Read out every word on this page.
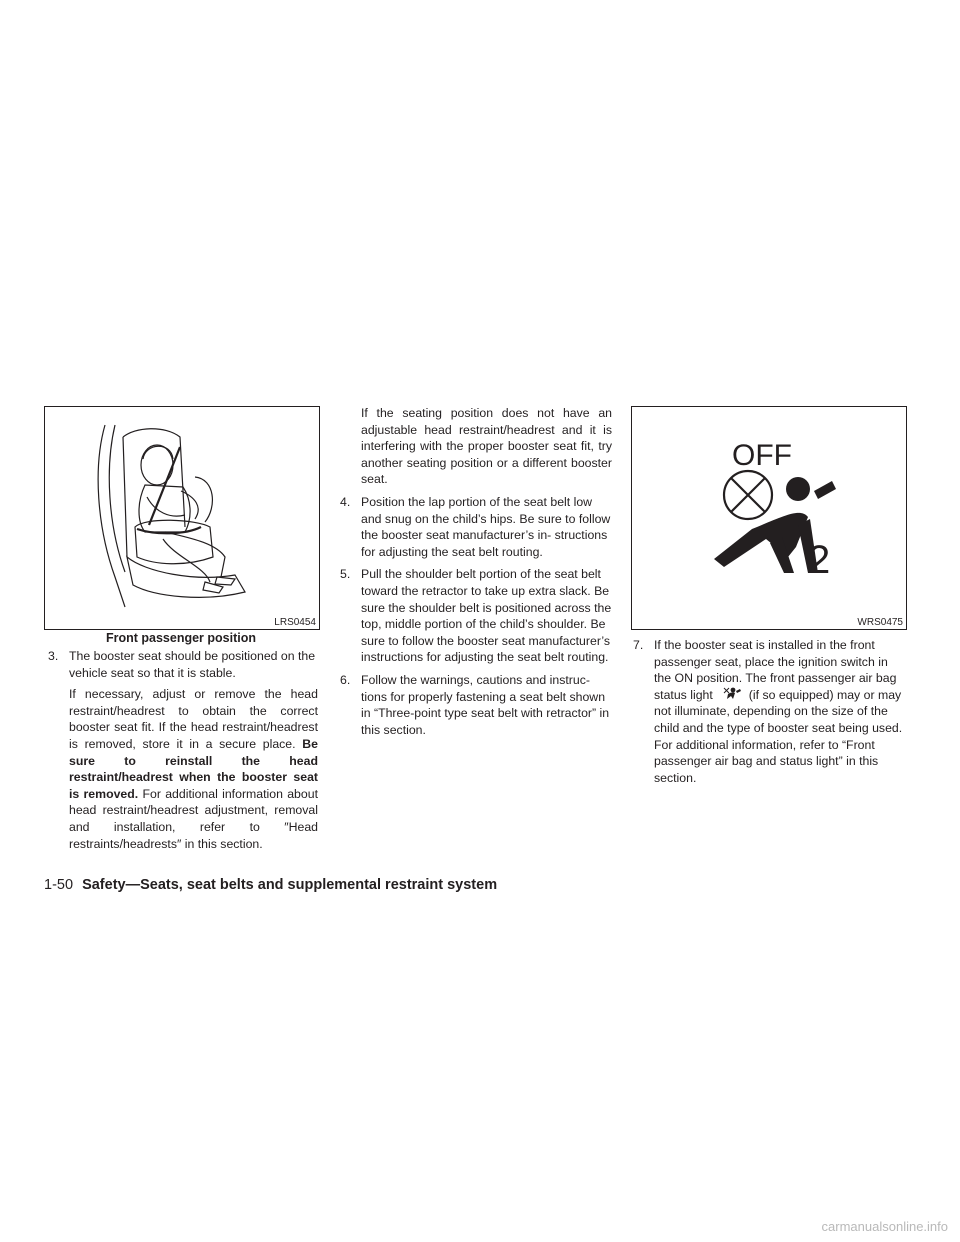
LRS0454
Front passenger position
OFF
2
WRS0475

3. The booster seat should be positioned on the vehicle seat so that it is stable.

If necessary, adjust or remove the head restraint/headrest to obtain the correct booster seat fit. If the head restraint/headrest is removed, store it in a secure place. Be sure to reinstall the head restraint/headrest when the booster seat is removed. For additional information about head restraint/headrest adjustment, removal and installation, refer to ″Head restraints/headrests″ in this section.

If the seating position does not have an adjustable head restraint/headrest and it is interfering with the proper booster seat fit, try another seating position or a different booster seat.

4. Position the lap portion of the seat belt low and snug on the child’s hips. Be sure to follow the booster seat manufacturer’s in- structions for adjusting the seat belt routing.

5. Pull the shoulder belt portion of the seat belt toward the retractor to take up extra slack. Be sure the shoulder belt is positioned across the top, middle portion of the child’s shoulder. Be sure to follow the booster seat manufacturer’s instructions for adjusting the seat belt routing.

6. Follow the warnings, cautions and instruc- tions for properly fastening a seat belt shown in “Three-point type seat belt with retractor” in this section.

7. If the booster seat is installed in the front passenger seat, place the ignition switch in the ON position. The front passenger air bag status light	(if so equipped) may or may not illuminate, depending on the size of the child and the type of booster seat being used. For additional information, refer to “Front passenger air bag and status light” in this section.

1-50 Safety—Seats, seat belts and supplemental restraint system
carmanualsonline.info
